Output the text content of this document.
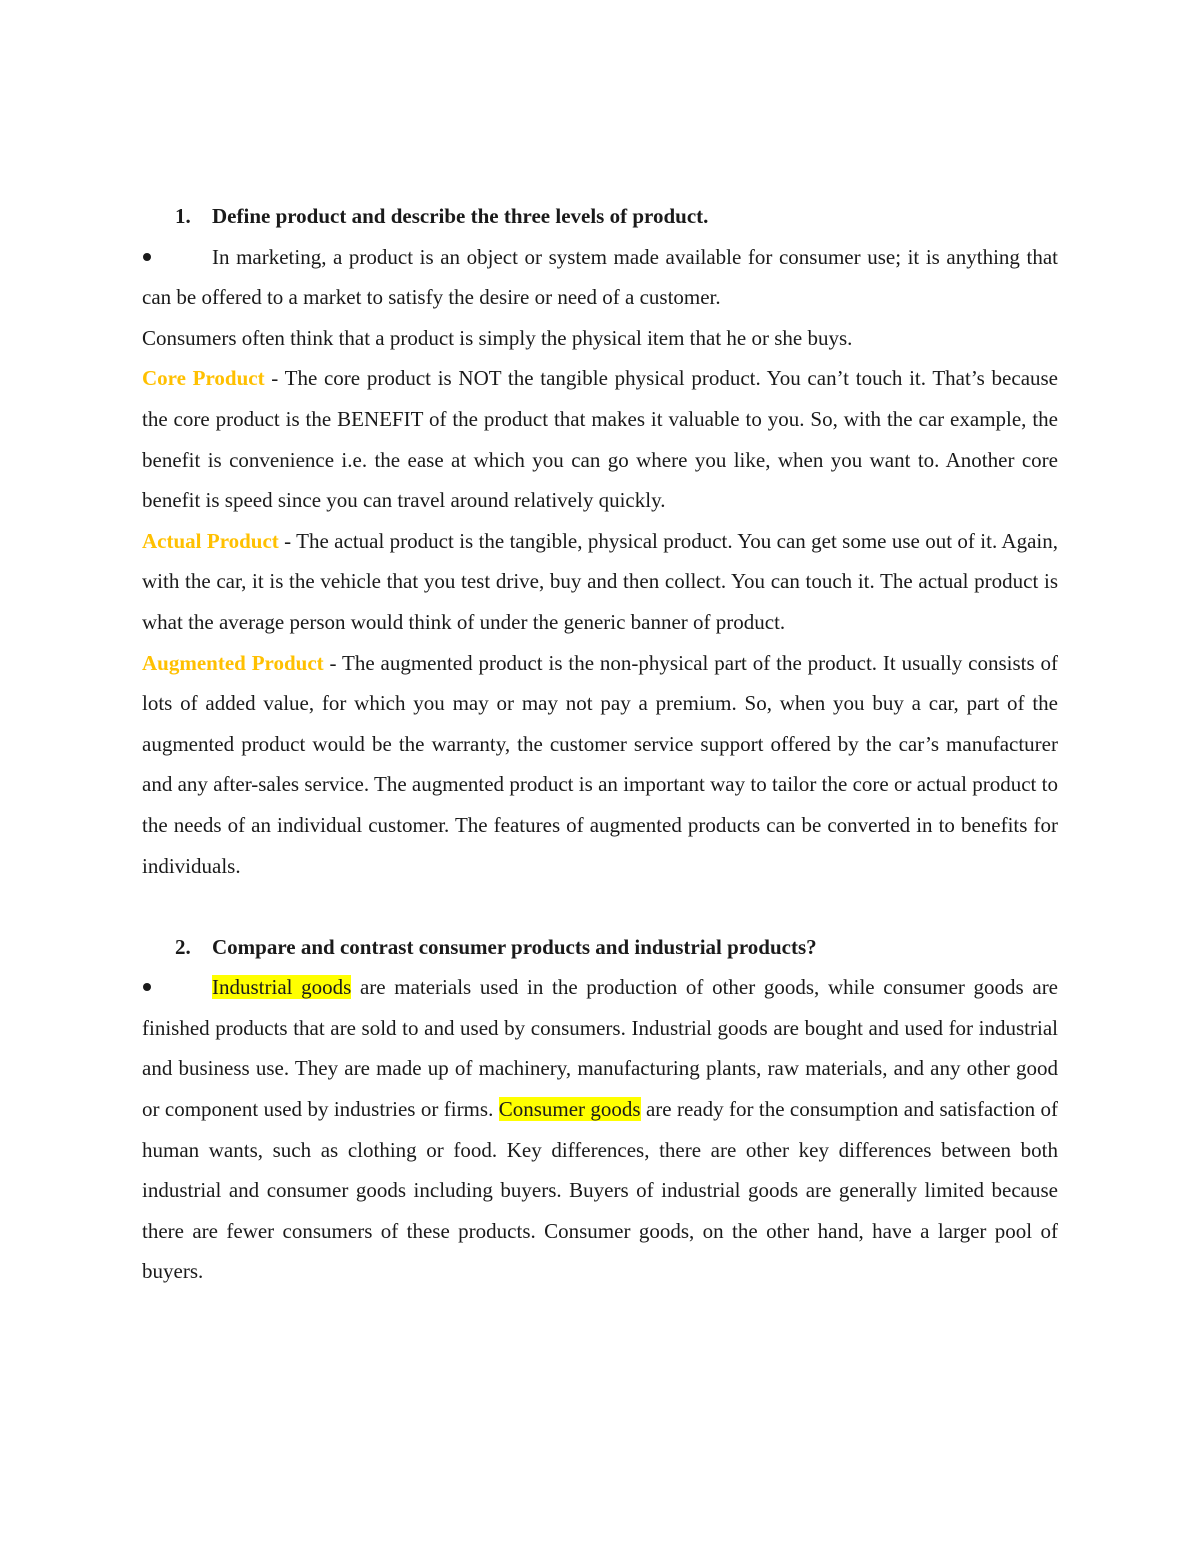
1. Define product and describe the three levels of product.

In marketing, a product is an object or system made available for consumer use; it is anything that can be offered to a market to satisfy the desire or need of a customer.

Consumers often think that a product is simply the physical item that he or she buys.

Core Product - The core product is NOT the tangible physical product. You can’t touch it. That’s because the core product is the BENEFIT of the product that makes it valuable to you. So, with the car example, the benefit is convenience i.e. the ease at which you can go where you like, when you want to. Another core benefit is speed since you can travel around relatively quickly.

Actual Product - The actual product is the tangible, physical product. You can get some use out of it. Again, with the car, it is the vehicle that you test drive, buy and then collect. You can touch it. The actual product is what the average person would think of under the generic banner of product.

Augmented Product - The augmented product is the non-physical part of the product. It usually consists of lots of added value, for which you may or may not pay a premium. So, when you buy a car, part of the augmented product would be the warranty, the customer service support offered by the car’s manufacturer and any after-sales service. The augmented product is an important way to tailor the core or actual product to the needs of an individual customer. The features of augmented products can be converted in to benefits for individuals.

2. Compare and contrast consumer products and industrial products?

Industrial goods are materials used in the production of other goods, while consumer goods are finished products that are sold to and used by consumers. Industrial goods are bought and used for industrial and business use. They are made up of machinery, manufacturing plants, raw materials, and any other good or component used by industries or firms. Consumer goods are ready for the consumption and satisfaction of human wants, such as clothing or food. Key differences, there are other key differences between both industrial and consumer goods including buyers. Buyers of industrial goods are generally limited because there are fewer consumers of these products. Consumer goods, on the other hand, have a larger pool of buyers.
